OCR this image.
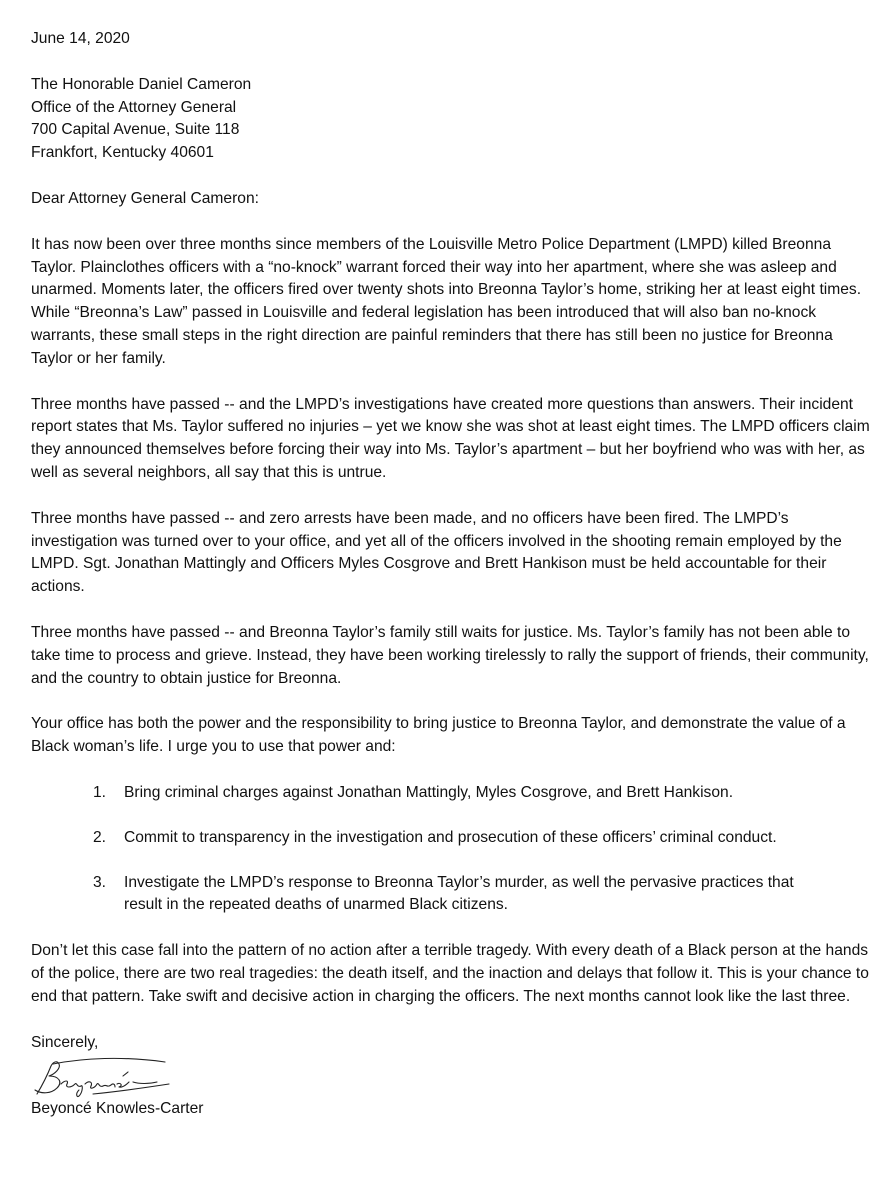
June 14, 2020
The Honorable Daniel Cameron
Office of the Attorney General
700 Capital Avenue, Suite 118
Frankfort, Kentucky 40601
Dear Attorney General Cameron:

It has now been over three months since members of the Louisville Metro Police Department (LMPD) killed Breonna Taylor. Plainclothes officers with a “no-knock” warrant forced their way into her apartment, where she was asleep and unarmed. Moments later, the officers fired over twenty shots into Breonna Taylor’s home, striking her at least eight times. While “Breonna’s Law” passed in Louisville and federal legislation has been introduced that will also ban no-knock warrants, these small steps in the right direction are painful reminders that there has still been no justice for Breonna Taylor or her family.

Three months have passed -- and the LMPD’s investigations have created more questions than answers. Their incident report states that Ms. Taylor suffered no injuries – yet we know she was shot at least eight times. The LMPD officers claim they announced themselves before forcing their way into Ms. Taylor’s apartment – but her boyfriend who was with her, as well as several neighbors, all say that this is untrue.

Three months have passed -- and zero arrests have been made, and no officers have been fired. The LMPD’s investigation was turned over to your office, and yet all of the officers involved in the shooting remain employed by the LMPD. Sgt. Jonathan Mattingly and Officers Myles Cosgrove and Brett Hankison must be held accountable for their actions.

Three months have passed -- and Breonna Taylor’s family still waits for justice. Ms. Taylor’s family has not been able to take time to process and grieve. Instead, they have been working tirelessly to rally the support of friends, their community, and the country to obtain justice for Breonna.

Your office has both the power and the responsibility to bring justice to Breonna Taylor, and demonstrate the value of a Black woman’s life. I urge you to use that power and:

1.	Bring criminal charges against Jonathan Mattingly, Myles Cosgrove, and Brett Hankison.
2.	Commit to transparency in the investigation and prosecution of these officers’ criminal conduct.
3.	Investigate the LMPD’s response to Breonna Taylor’s murder, as well the pervasive practices that result in the repeated deaths of unarmed Black citizens.

Don’t let this case fall into the pattern of no action after a terrible tragedy. With every death of a Black person at the hands of the police, there are two real tragedies: the death itself, and the inaction and delays that follow it. This is your chance to end that pattern. Take swift and decisive action in charging the officers. The next months cannot look like the last three.

Sincerely,
Beyoncé Knowles-Carter
